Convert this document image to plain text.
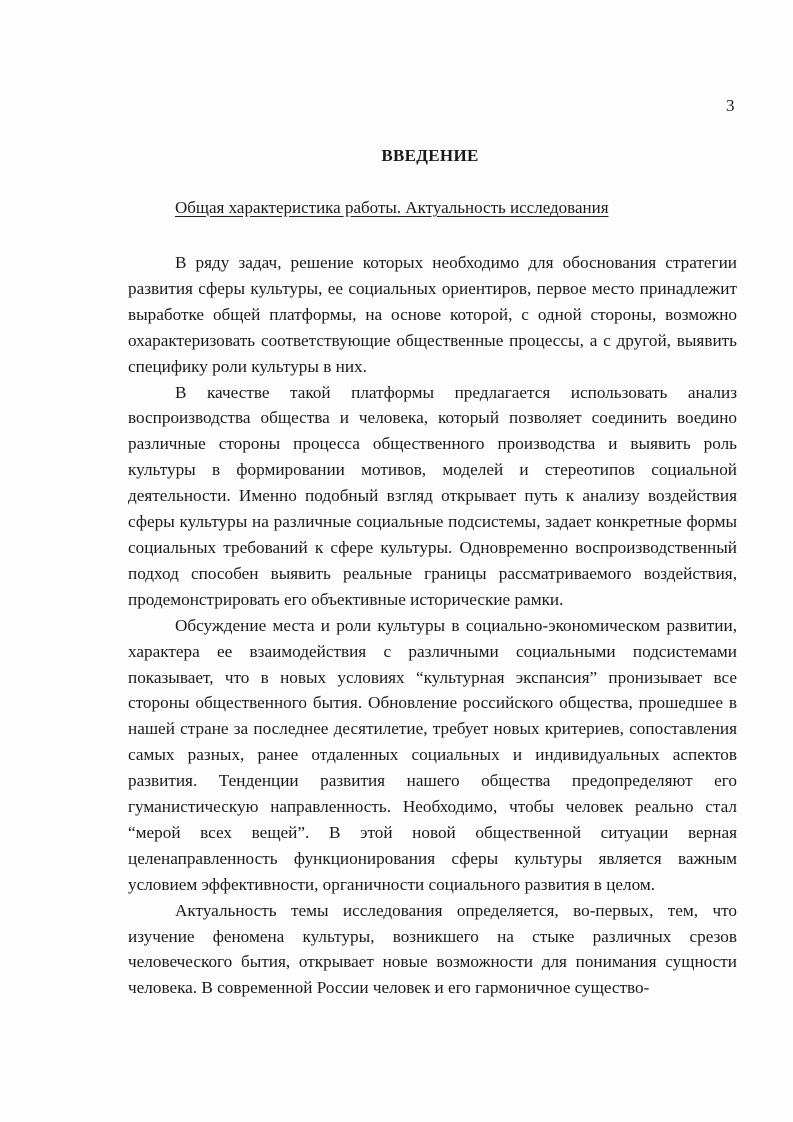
3
ВВЕДЕНИЕ
Общая характеристика работы. Актуальность исследования

В ряду задач, решение которых необходимо для обоснования стратегии развития сферы культуры, ее социальных ориентиров, первое место принадлежит выработке общей платформы, на основе которой, с одной стороны, возможно охарактеризовать соответствующие общественные процессы, а с другой, выявить специфику роли культуры в них.

В качестве такой платформы предлагается использовать анализ воспроизводства общества и человека, который позволяет соединить воедино различные стороны процесса общественного производства и выявить роль культуры в формировании мотивов, моделей и стереотипов социальной деятельности. Именно подобный взгляд открывает путь к анализу воздействия сферы культуры на различные социальные подсистемы, задает конкретные формы социальных требований к сфере культуры. Одновременно воспроизводственный подход способен выявить реальные границы рассматриваемого воздействия, продемонстрировать его объективные исторические рамки.

Обсуждение места и роли культуры в социально-экономическом развитии, характера ее взаимодействия с различными социальными подсистемами показывает, что в новых условиях “культурная экспансия” пронизывает все стороны общественного бытия. Обновление российского общества, прошедшее в нашей стране за последнее десятилетие, требует новых критериев, сопоставления самых разных, ранее отдаленных социальных и индивидуальных аспектов развития. Тенденции развития нашего общества предопределяют его гуманистическую направленность. Необходимо, чтобы человек реально стал “мерой всех вещей”. В этой новой общественной ситуации верная целенаправленность функционирования сферы культуры является важным условием эффективности, органичности социального развития в целом.

Актуальность темы исследования определяется, во-первых, тем, что изучение феномена культуры, возникшего на стыке различных срезов человеческого бытия, открывает новые возможности для понимания сущности человека. В современной России человек и его гармоничное существо-
